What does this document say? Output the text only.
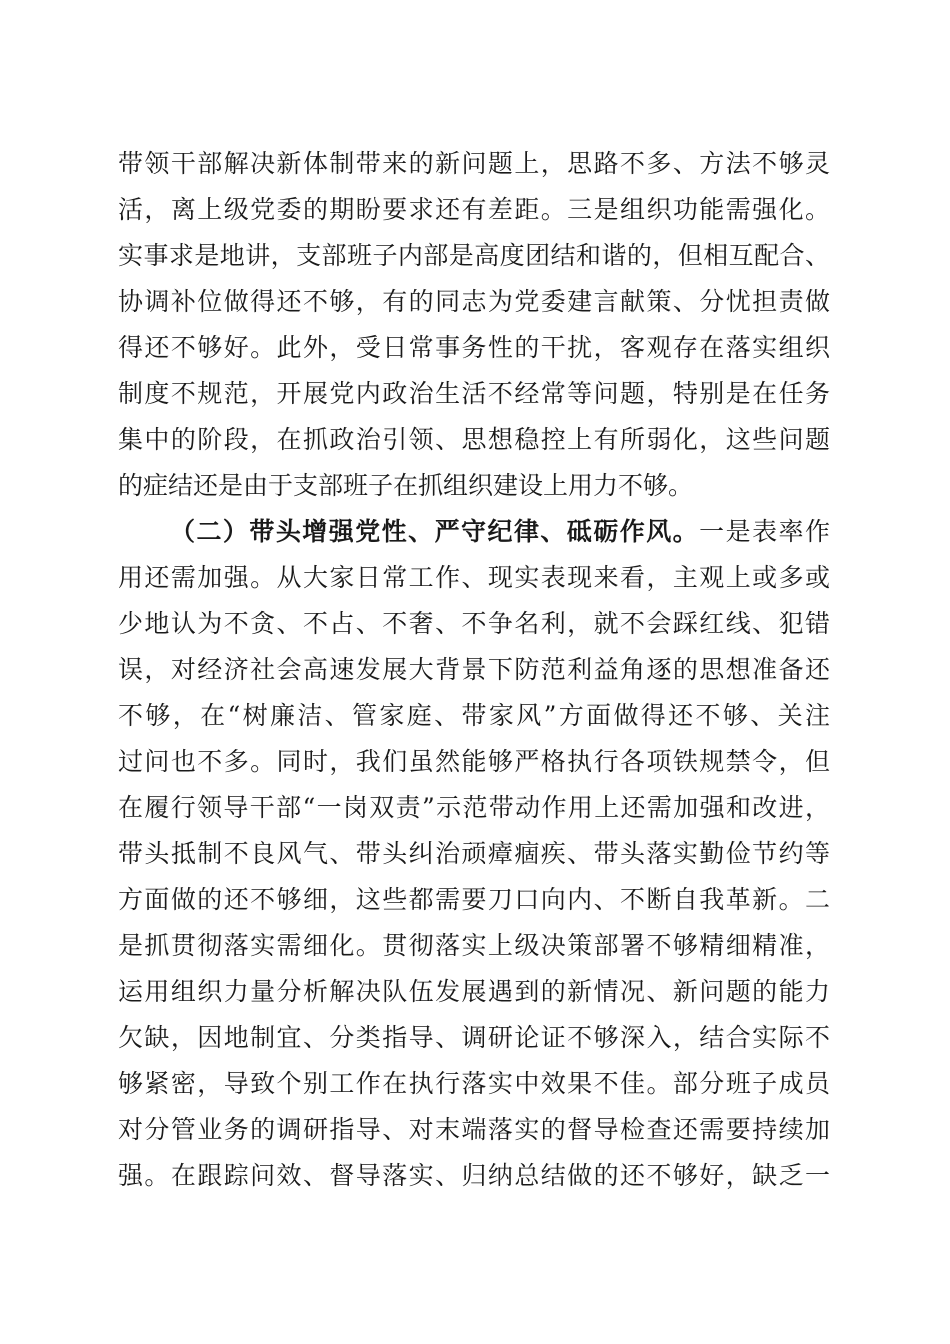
带领干部解决新体制带来的新问题上，思路不多、方法不够灵
活，离上级党委的期盼要求还有差距。三是组织功能需强化。
实事求是地讲，支部班子内部是高度团结和谐的，但相互配合、
协调补位做得还不够，有的同志为党委建言献策、分忧担责做
得还不够好。此外，受日常事务性的干扰，客观存在落实组织
制度不规范，开展党内政治生活不经常等问题，特别是在任务
集中的阶段，在抓政治引领、思想稳控上有所弱化，这些问题
的症结还是由于支部班子在抓组织建设上用力不够。
（二）带头增强党性、严守纪律、砥砺作风。一是表率作
用还需加强。从大家日常工作、现实表现来看，主观上或多或
少地认为不贪、不占、不奢、不争名利，就不会踩红线、犯错
误，对经济社会高速发展大背景下防范利益角逐的思想准备还
不够，在“树廉洁、管家庭、带家风”方面做得还不够、关注
过问也不多。同时，我们虽然能够严格执行各项铁规禁令，但
在履行领导干部“一岗双责”示范带动作用上还需加强和改进，
带头抵制不良风气、带头纠治顽瘴痼疾、带头落实勤俭节约等
方面做的还不够细，这些都需要刀口向内、不断自我革新。二
是抓贯彻落实需细化。贯彻落实上级决策部署不够精细精准，
运用组织力量分析解决队伍发展遇到的新情况、新问题的能力
欠缺，因地制宜、分类指导、调研论证不够深入，结合实际不
够紧密，导致个别工作在执行落实中效果不佳。部分班子成员
对分管业务的调研指导、对末端落实的督导检查还需要持续加
强。在跟踪问效、督导落实、归纳总结做的还不够好，缺乏一
